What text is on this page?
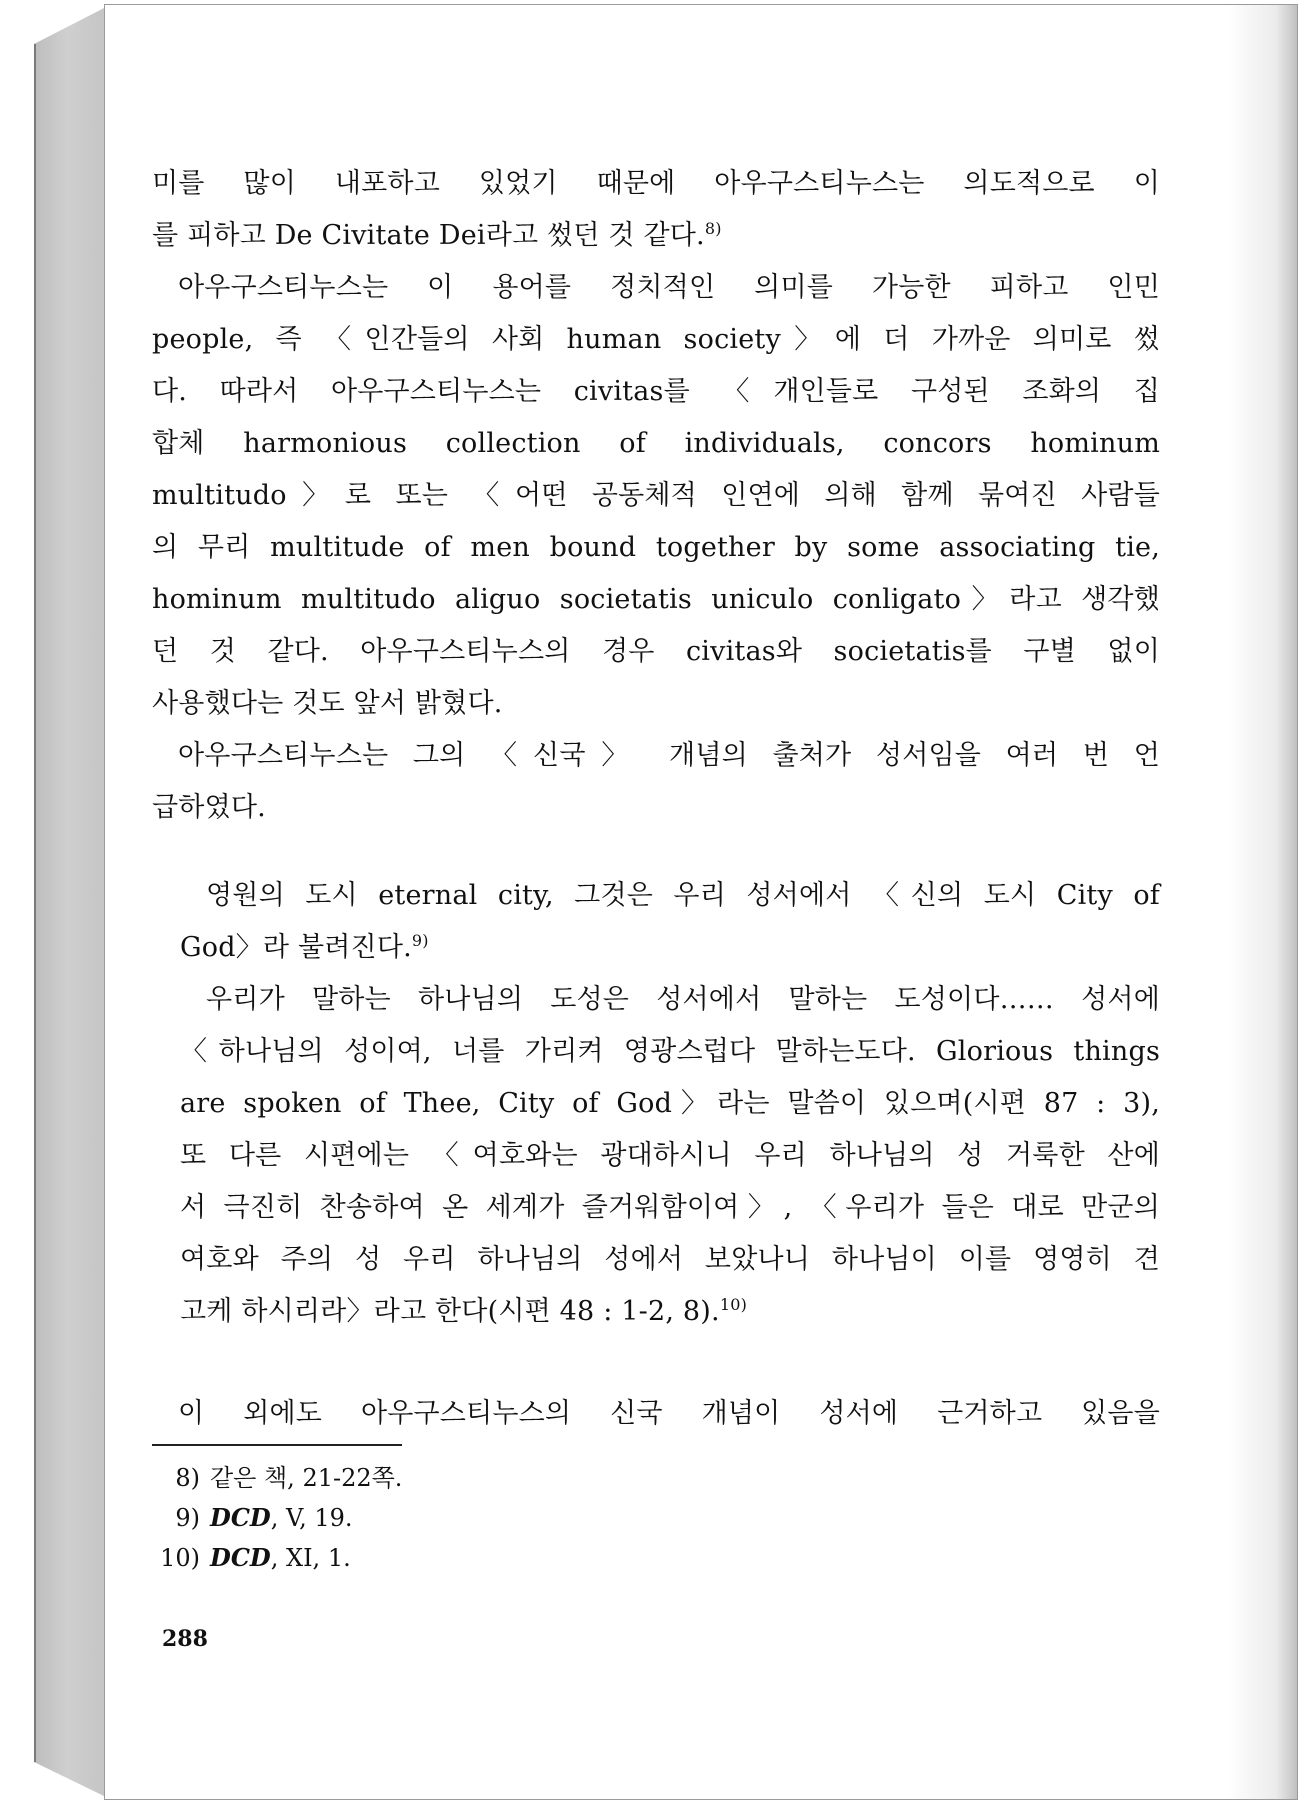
미를 많이 내포하고 있었기 때문에 아우구스티누스는 의도적으로 이
를 피하고 De Civitate Dei라고 썼던 것 같다.$^{8)}$
아우구스티누스는 이 용어를 정치적인 의미를 가능한 피하고 인민
people, 즉 〈인간들의 사회 human society〉에 더 가까운 의미로 썼
다. 따라서 아우구스티누스는 civitas를 〈개인들로 구성된 조화의 집
합체 harmonious collection of individuals, concors hominum
multitudo〉로 또는 〈어떤 공동체적 인연에 의해 함께 묶여진 사람들
의 무리 multitude of men bound together by some associating tie,
hominum multitudo aliguo societatis uniculo conligato〉라고 생각했
던 것 같다. 아우구스티누스의 경우 civitas와 societatis를 구별 없이
사용했다는 것도 앞서 밝혔다.
아우구스티누스는 그의 〈신국〉 개념의 출처가 성서임을 여러 번 언
급하였다.
영원의 도시 eternal city, 그것은 우리 성서에서 〈신의 도시 City of
God〉라 불려진다.$^{9)}$
우리가 말하는 하나님의 도성은 성서에서 말하는 도성이다…… 성서에
〈하나님의 성이여, 너를 가리켜 영광스럽다 말하는도다. Glorious things
are spoken of Thee, City of God〉라는 말씀이 있으며(시편 87 : 3),
또 다른 시편에는 〈여호와는 광대하시니 우리 하나님의 성 거룩한 산에
서 극진히 찬송하여 온 세계가 즐거워함이여〉, 〈우리가 들은 대로 만군의
여호와 주의 성 우리 하나님의 성에서 보았나니 하나님이 이를 영영히 견
고케 하시리라〉라고 한다(시편 48 : 1-2, 8).$^{10)}$
이 외에도 아우구스티누스의 신국 개념이 성서에 근거하고 있음을
8) 같은 책, 21-22쪽.
9) DCD, V, 19.
10) DCD, XI, 1.
288
